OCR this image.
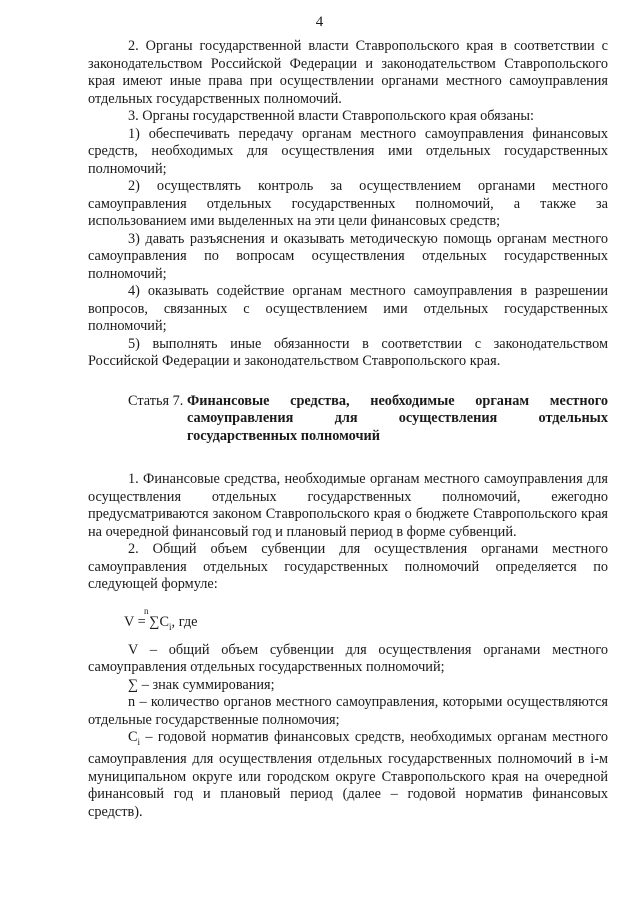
4

2. Органы государственной власти Ставропольского края в соответствии с законодательством Российской Федерации и законодательством Ставропольского края имеют иные права при осуществлении органами местного самоуправления отдельных государственных полномочий.

3. Органы государственной власти Ставропольского края обязаны:

1) обеспечивать передачу органам местного самоуправления финансовых средств, необходимых для осуществления ими отдельных государственных полномочий;

2) осуществлять контроль за осуществлением органами местного самоуправления отдельных государственных полномочий, а также за использованием ими выделенных на эти цели финансовых средств;

3) давать разъяснения и оказывать методическую помощь органам местного самоуправления по вопросам осуществления отдельных государственных полномочий;

4) оказывать содействие органам местного самоуправления в разрешении вопросов, связанных с осуществлением ими отдельных государственных полномочий;

5) выполнять иные обязанности в соответствии с законодательством Российской Федерации и законодательством Ставропольского края.

Статья 7.
Финансовые средства, необходимые органам местного самоуправления для осуществления отдельных государственных полномочий

1. Финансовые средства, необходимые органам местного самоуправления для осуществления отдельных государственных полномочий, ежегодно предусматриваются законом Ставропольского края о бюджете Ставропольского края на очередной финансовый год и плановый период в форме субвенций.

2. Общий объем субвенции для осуществления органами местного самоуправления отдельных государственных полномочий определяется по следующей формуле:

n
$V = \sum C_i$, где

V – общий объем субвенции для осуществления органами местного самоуправления отдельных государственных полномочий;

∑ – знак суммирования;

n – количество органов местного самоуправления, которыми осуществляются отдельные государственные полномочия;

$C_i$ – годовой норматив финансовых средств, необходимых органам местного самоуправления для осуществления отдельных государственных полномочий в i-м муниципальном округе или городском округе Ставропольского края на очередной финансовый год и плановый период (далее – годовой норматив финансовых средств).
